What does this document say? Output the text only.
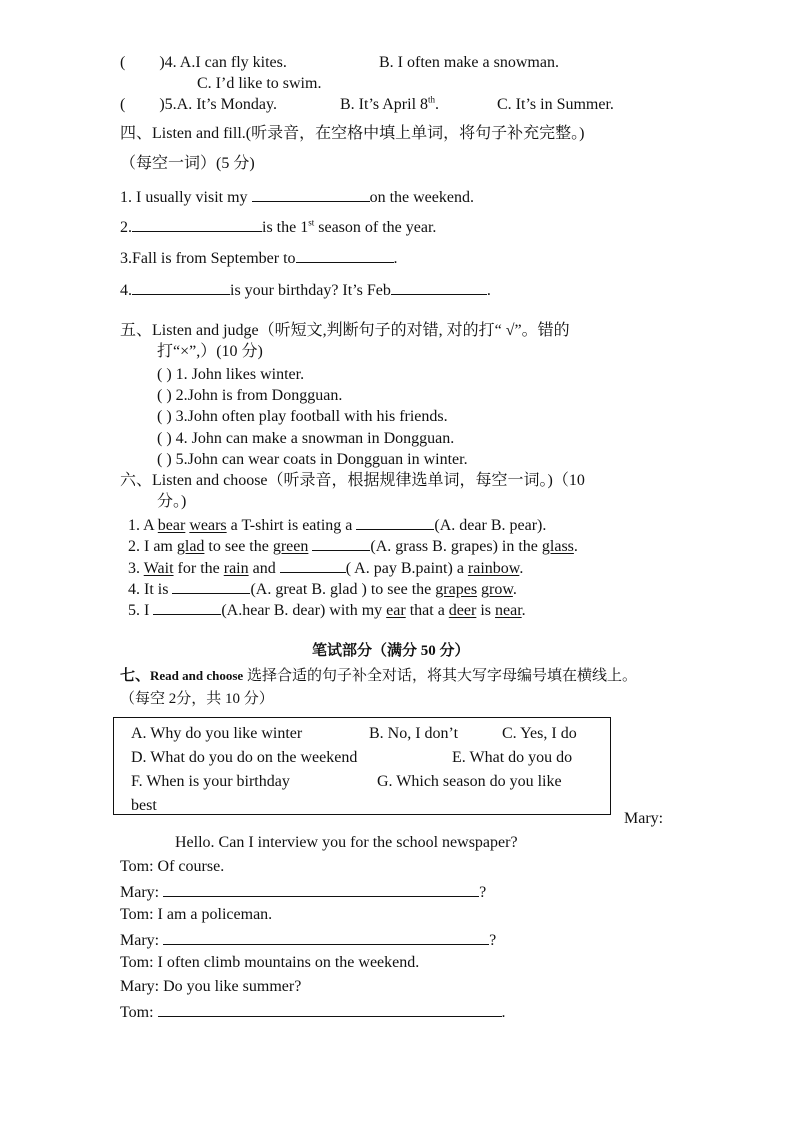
( )4. A.I can fly kites.	B. I often make a snowman.
C. I’d like to swim.
( )5.A. It’s Monday.	B. It’s April 8th.	C. It’s in Summer.
四、Listen and fill.(听录音，在空格中填上单词，将句子补充完整。)
（每空一词）(5 分)
1. I usually visit my	on the weekend.
2.	is the 1st season of the year.
3.Fall is from September to	.
4.	is your birthday? It’s Feb	.
五、Listen and judge（听短文,判断句子的对错, 对的打“ √”。错的
打“×”,）(10 分)
( ) 1. John likes winter.
( ) 2.John is from Dongguan.
( ) 3.John often play football with his friends.
( ) 4. John can make a snowman in Dongguan.
( ) 5.John can wear coats in Dongguan in winter.
六、Listen and choose（听录音，根据规律选单词，每空一词。)（10
分。)
1. A bear wears a T-shirt is eating a	(A. dear B. pear).
2. I am glad to see the green	(A. grass B. grapes) in the glass.
3. Wait for the rain and	( A. pay B.paint) a rainbow.
4. It is	(A. great B. glad ) to see the grapes grow.
5. I	(A.hear B. dear) with my ear that a deer is near.
笔试部分（满分 50 分）
七、Read and choose 选择合适的句子补全对话，将其大写字母编号填在横线上。
（每空 2分，共 10 分）
A. Why do you like winter	B. No, I don’t	C. Yes, I do
D. What do you do on the weekend	E. What do you do
F. When is your birthday	G. Which season do you like
best
Mary:
Hello. Can I interview you for the school newspaper?
Tom: Of course.
Mary:	?
Tom: I am a policeman.
Mary:	?
Tom: I often climb mountains on the weekend.
Mary: Do you like summer?
Tom:	.
